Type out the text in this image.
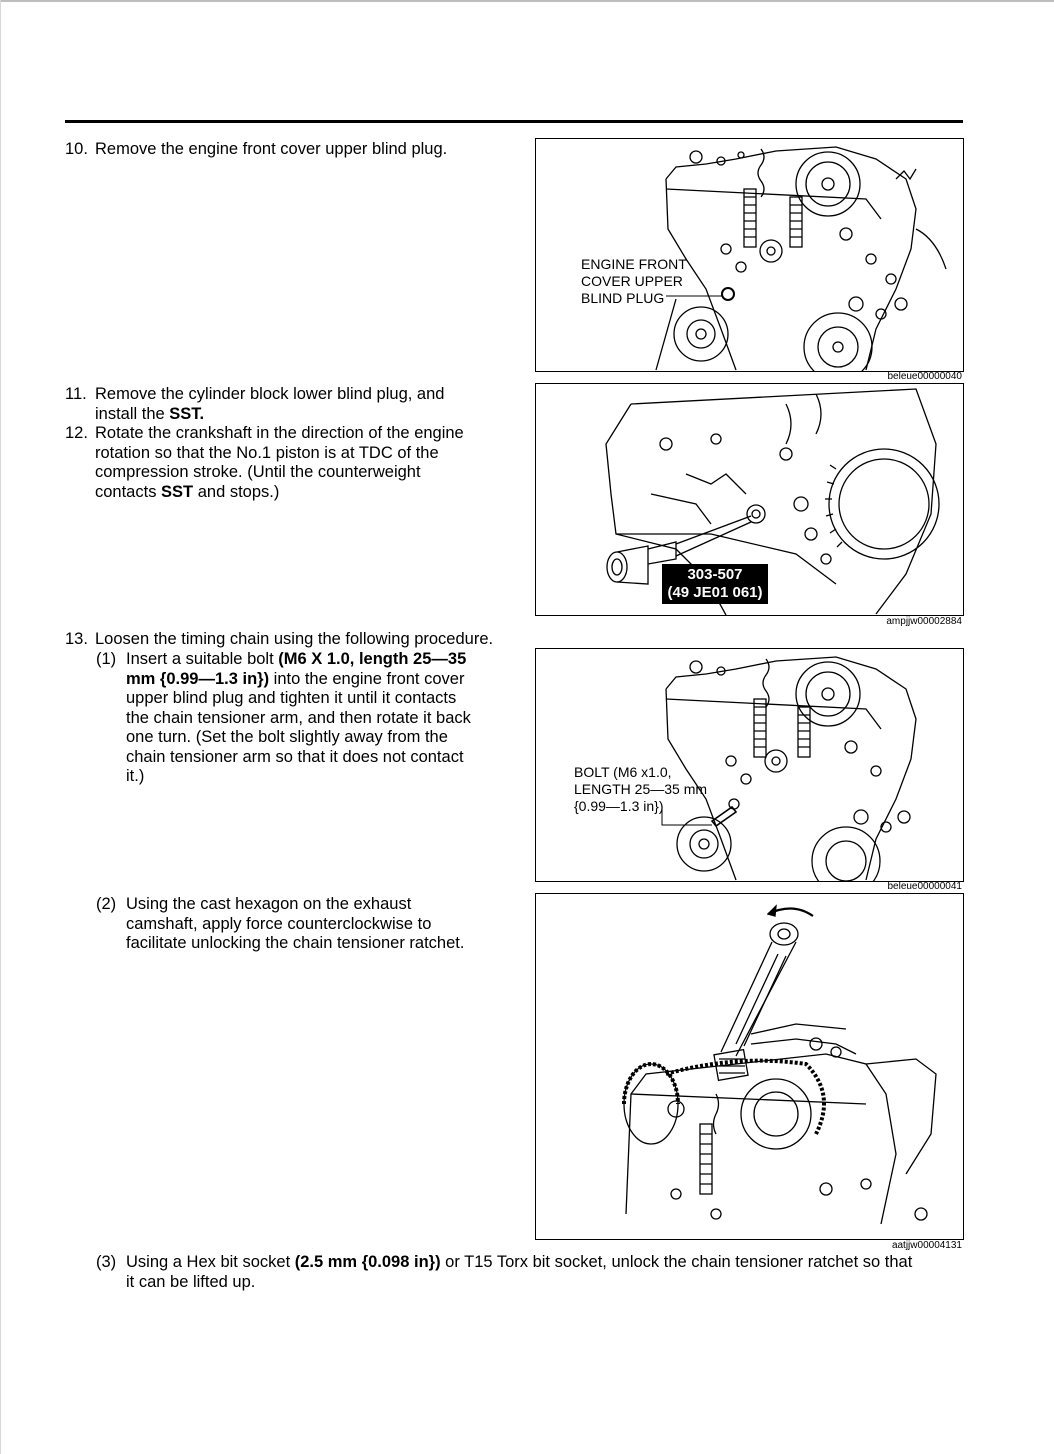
10. Remove the engine front cover upper blind plug.
ENGINE FRONT
COVER UPPER
BLIND PLUG
beleue00000040
11. Remove the cylinder block lower blind plug, and
install the SST.
12. Rotate the crankshaft in the direction of the engine
rotation so that the No.1 piston is at TDC of the
compression stroke. (Until the counterweight
contacts SST and stops.)
303-507
(49 JE01 061)
ampjjw00002884
13. Loosen the timing chain using the following procedure.
(1) Insert a suitable bolt (M6 X 1.0, length 25—35
mm {0.99—1.3 in}) into the engine front cover
upper blind plug and tighten it until it contacts
the chain tensioner arm, and then rotate it back
one turn. (Set the bolt slightly away from the
chain tensioner arm so that it does not contact
it.)	BOLT (M6 x1.0,
LENGTH 25—35 mm
{0.99—1.3 in})
beleue00000041
(2) Using the cast hexagon on the exhaust
camshaft, apply force counterclockwise to
facilitate unlocking the chain tensioner ratchet.
aatjjw00004131
(3) Using a Hex bit socket (2.5 mm {0.098 in}) or T15 Torx bit socket, unlock the chain tensioner ratchet so that
it can be lifted up.
